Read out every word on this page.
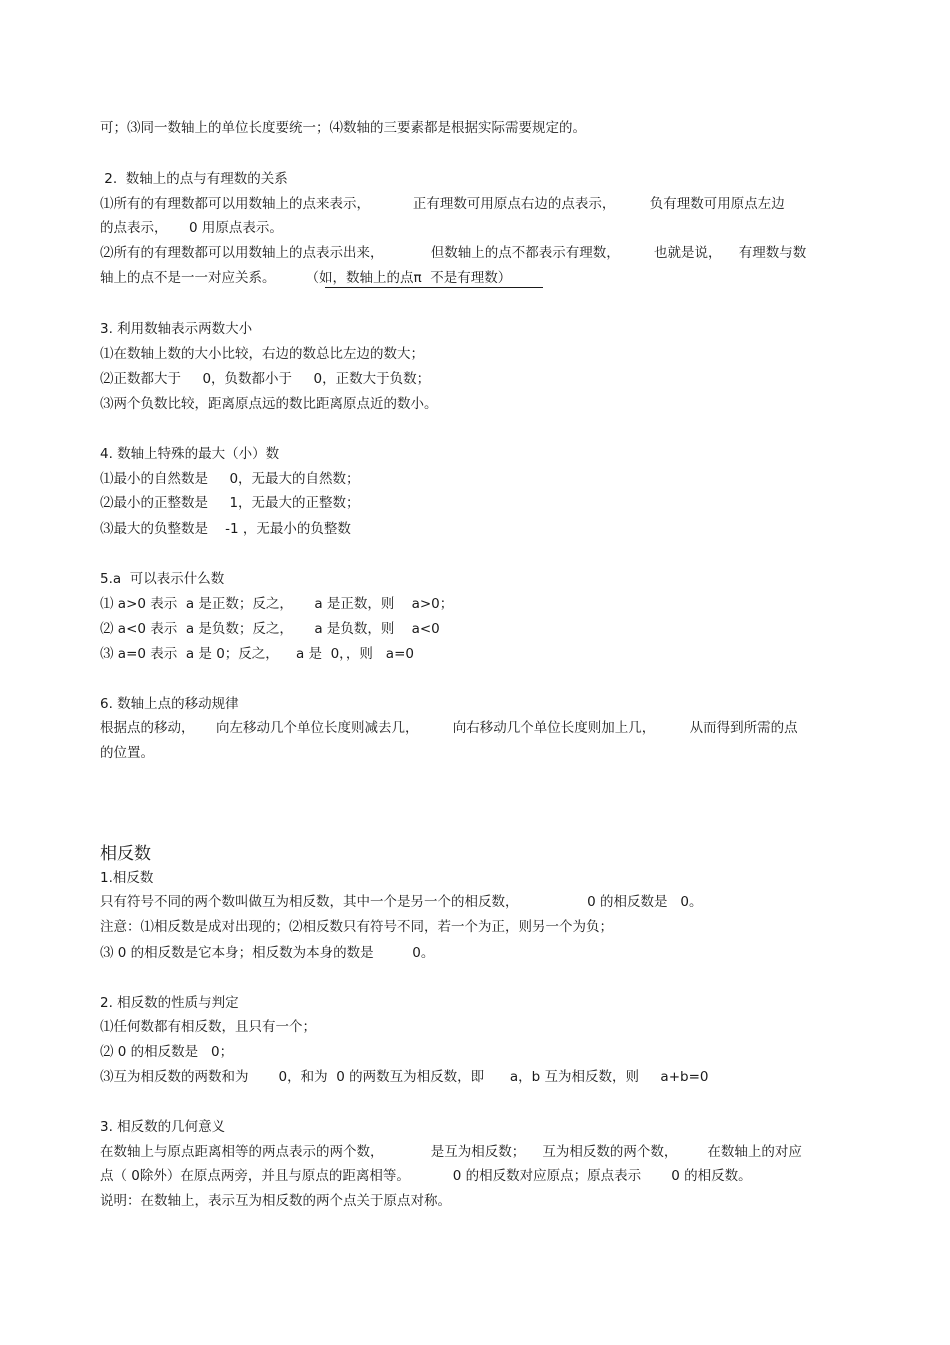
可；⑶同一数轴上的单位长度要统一；⑷数轴的三要素都是根据实际需要规定的。

2.  数轴上的点与有理数的关系

⑴所有的有理数都可以用数轴上的点来表示，          正有理数可用原点右边的点表示，        负有理数可用原点左边

的点表示，     0 用原点表示。

⑵所有的有理数都可以用数轴上的点表示出来，           但数轴上的点不都表示有理数，        也就是说，    有理数与数

轴上的点不是一一对应关系。       （如，数轴上的点π  不是有理数）

3. 利用数轴表示两数大小

⑴在数轴上数的大小比较，右边的数总比左边的数大；

⑵正数都大于     0，负数都小于     0，正数大于负数；

⑶两个负数比较，距离原点远的数比距离原点近的数小。

4. 数轴上特殊的最大（小）数

⑴最小的自然数是     0，无最大的自然数；

⑵最小的正整数是     1，无最大的正整数；

⑶最大的负整数是    -1 ，无最小的负整数

5.a  可以表示什么数

⑴ a>0 表示  a 是正数；反之，     a 是正数，则    a>0；

⑵ a<0 表示  a 是负数；反之，     a 是负数，则    a<0

⑶ a=0 表示  a 是 0；反之，    a 是  0，，则   a=0

6. 数轴上点的移动规律

根据点的移动，     向左移动几个单位长度则减去几，        向右移动几个单位长度则加上几，        从而得到所需的点

的位置。

相反数

1.相反数

只有符号不同的两个数叫做互为相反数，其中一个是另一个的相反数，                0 的相反数是   0。

注意：⑴相反数是成对出现的；⑵相反数只有符号不同，若一个为正，则另一个为负；

⑶ 0 的相反数是它本身；相反数为本身的数是         0。

2. 相反数的性质与判定

⑴任何数都有相反数，且只有一个；

⑵ 0 的相反数是   0；

⑶互为相反数的两数和为       0，和为  0 的两数互为相反数，即      a，b 互为相反数，则     a+b=0

3. 相反数的几何意义

在数轴上与原点距离相等的两点表示的两个数，           是互为相反数；    互为相反数的两个数，       在数轴上的对应

点（ 0除外）在原点两旁，并且与原点的距离相等。          0 的相反数对应原点；原点表示       0 的相反数。

说明：在数轴上，表示互为相反数的两个点关于原点对称。
